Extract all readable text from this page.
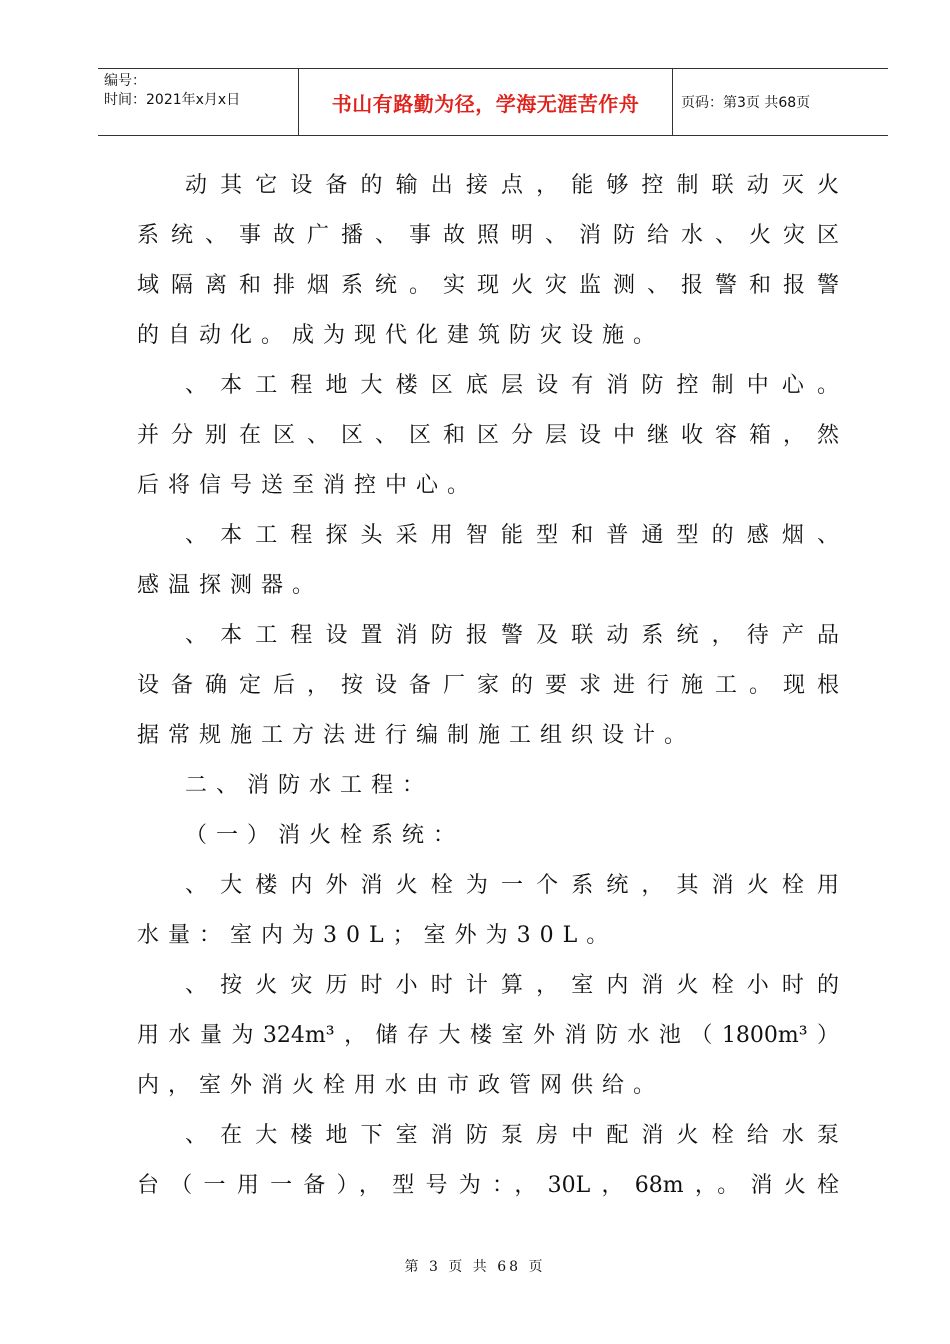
编号：
时间：2021年x月x日	书山有路勤为径，学海无涯苦作舟	页码：第3页 共68页
动其它设备的输出接点，能够控制联动灭火
系统、事故广播、事故照明、消防给水、火灾区
域隔离和排烟系统。实现火灾监测、报警和报警
的自动化。成为现代化建筑防灾设施。
、本工程地大楼区底层设有消防控制中心。
并分别在区、区、区和区分层设中继收容箱，然
后将信号送至消控中心。
、本工程探头采用智能型和普通型的感烟、
感温探测器。
、本工程设置消防报警及联动系统，待产品
设备确定后，按设备厂家的要求进行施工。现根
据常规施工方法进行编制施工组织设计。
二、消防水工程：
（一）消火栓系统：
、大楼内外消火栓为一个系统，其消火栓用
水量：室内为30L；室外为30L。
、按火灾历时小时计算，室内消火栓小时的
用水量为324m³，储存大楼室外消防水池（1800m³）
内，室外消火栓用水由市政管网供给。
、在大楼地下室消防泵房中配消火栓给水泵
台（一用一备），型号为：，30L，68m，。消火栓
第 3 页 共 68 页
